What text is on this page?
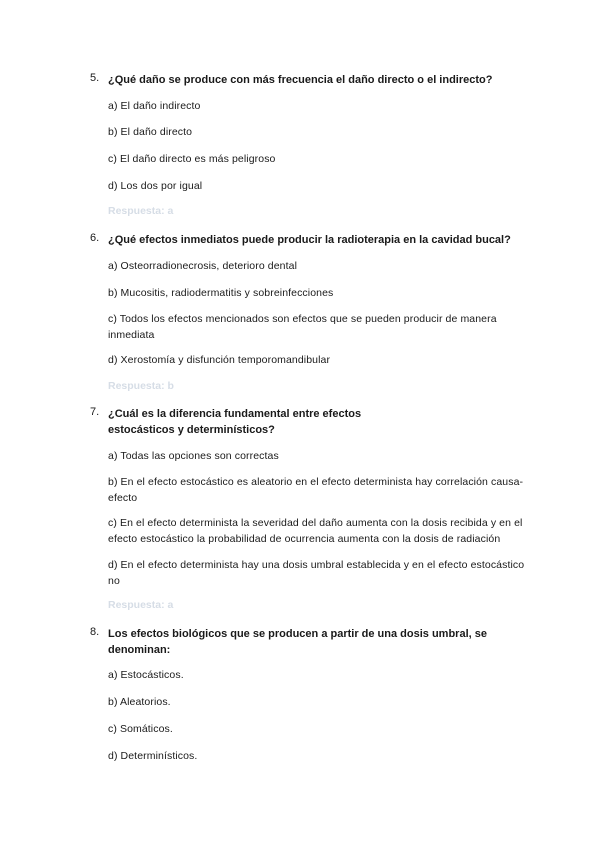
5. ¿Qué daño se produce con más frecuencia el daño directo o el indirecto?
a) El daño indirecto
b) El daño directo
c) El daño directo es más peligroso
d) Los dos por igual
Respuesta: a
6. ¿Qué efectos inmediatos puede producir la radioterapia en la cavidad bucal?
a) Osteorradionecrosis, deterioro dental
b) Mucositis, radiodermatitis y sobreinfecciones
c) Todos los efectos mencionados son efectos que se pueden producir de manera inmediata
d) Xerostomía y disfunción temporomandibular
Respuesta: b
7. ¿Cuál es la diferencia fundamental entre efectos estocásticos y determinísticos?
a) Todas las opciones son correctas
b) En el efecto estocástico es aleatorio en el efecto determinista hay correlación causa-efecto
c) En el efecto determinista la severidad del daño aumenta con la dosis recibida y en el efecto estocástico la probabilidad de ocurrencia aumenta con la dosis de radiación
d) En el efecto determinista hay una dosis umbral establecida y en el efecto estocástico no
Respuesta: a
8. Los efectos biológicos que se producen a partir de una dosis umbral, se denominan:
a) Estocásticos.
b) Aleatorios.
c) Somáticos.
d) Determinísticos.
